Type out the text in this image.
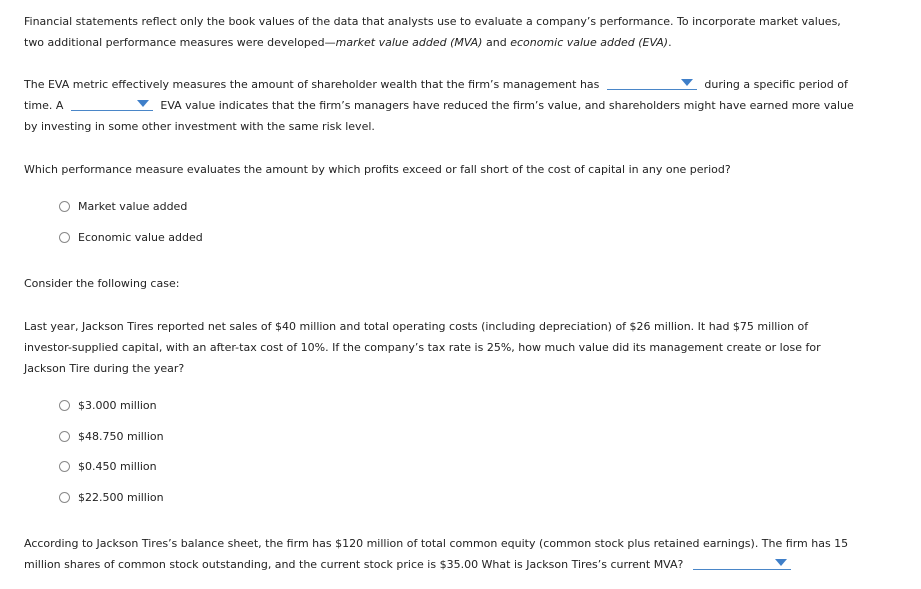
Financial statements reflect only the book values of the data that analysts use to evaluate a company’s performance. To incorporate market values,
two additional performance measures were developed—market value added (MVA) and economic value added (EVA).

The EVA metric effectively measures the amount of shareholder wealth that the firm’s management has	during a specific period of
time. A	EVA value indicates that the firm’s managers have reduced the firm’s value, and shareholders might have earned more value
by investing in some other investment with the same risk level.

Which performance measure evaluates the amount by which profits exceed or fall short of the cost of capital in any one period?

Market value added
Economic value added

Consider the following case:

Last year, Jackson Tires reported net sales of $40 million and total operating costs (including depreciation) of $26 million. It had $75 million of
investor-supplied capital, with an after-tax cost of 10%. If the company’s tax rate is 25%, how much value did its management create or lose for
Jackson Tire during the year?

$3.000 million
$48.750 million
$0.450 million
$22.500 million

According to Jackson Tires’s balance sheet, the firm has $120 million of total common equity (common stock plus retained earnings). The firm has 15
million shares of common stock outstanding, and the current stock price is $35.00 What is Jackson Tires’s current MVA?
